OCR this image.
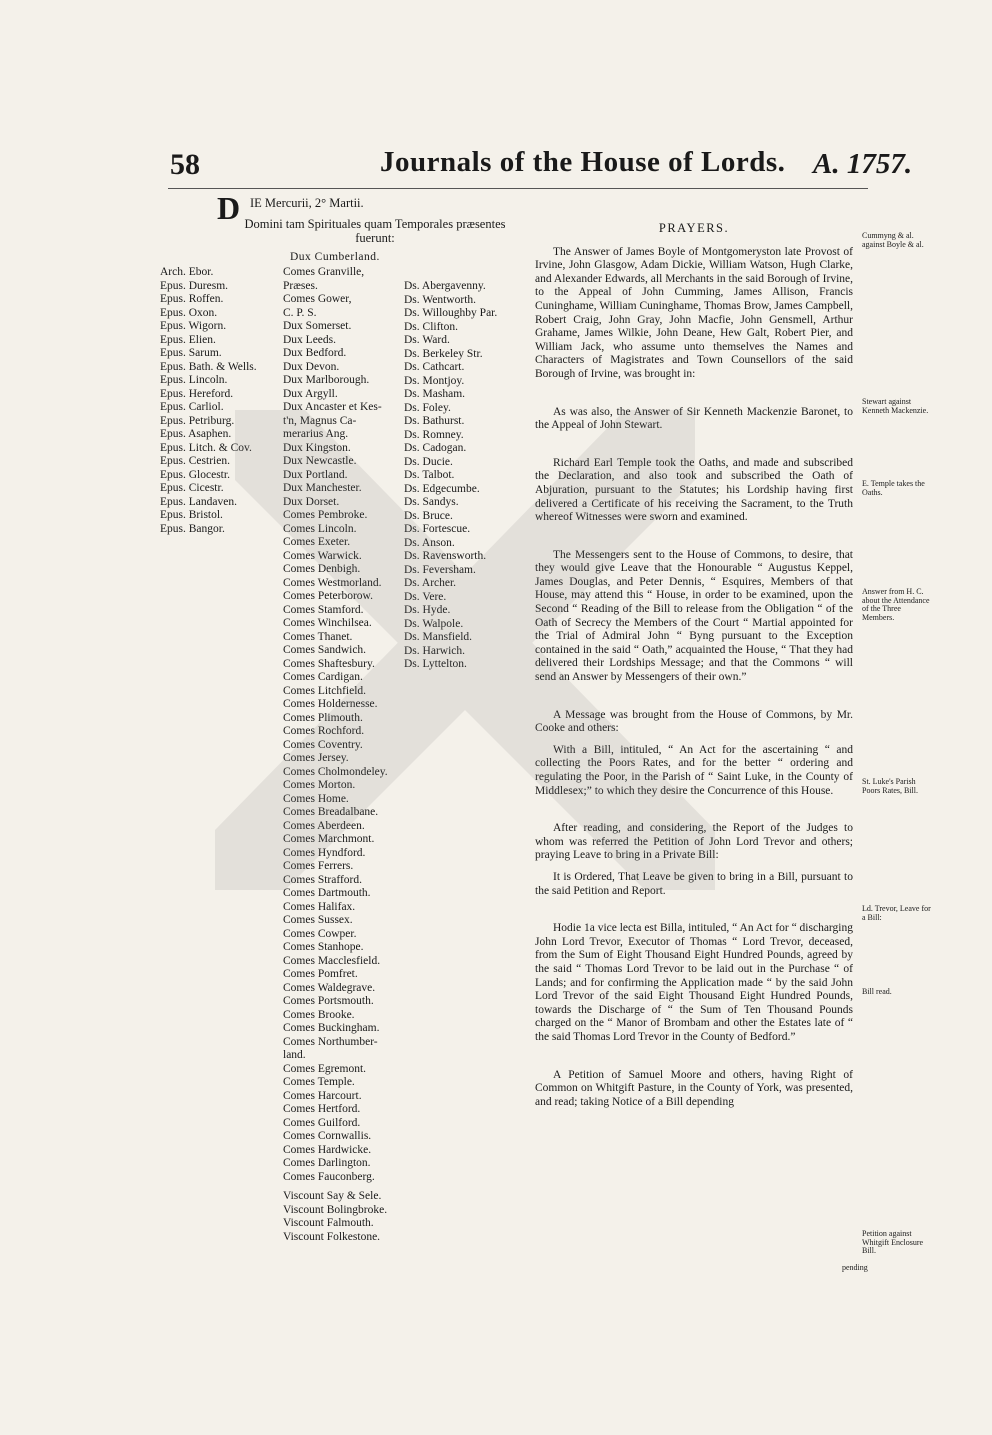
58	Journals of the House of Lords. A. 1757.
D IE Mercurii, 2° Martii.
Domini tam Spirituales quam Temporales præsentes fuerunt:
Dux Cumberland.
Arch. Ebor.
Epus. Duresm.
Epus. Roffen.
Epus. Oxon.
Epus. Wigorn.
Epus. Elien.
Epus. Sarum.
Epus. Bath. & Wells.
Epus. Lincoln.
Epus. Hereford.
Epus. Carliol.
Epus. Petriburg.
Epus. Asaphen.
Epus. Litch. & Cov.
Epus. Cestrien.
Epus. Glocestr.
Epus. Cicestr.
Epus. Landaven.
Epus. Bristol.
Epus. Bangor.
Comes Granville,
Præses.
Comes Gower,
C. P. S.
Dux Somerset.
Dux Leeds.
Dux Bedford.
Dux Devon.
Dux Marlborough.
Dux Argyll.
Dux Ancaster et Kes-
t'n, Magnus Ca-
merarius Ang.
Dux Kingston.
Dux Newcastle.
Dux Portland.
Dux Manchester.
Dux Dorset.
Comes Pembroke.
Comes Lincoln.
Comes Exeter.
Comes Warwick.
Comes Denbigh.
Comes Westmorland.
Comes Peterborow.
Comes Stamford.
Comes Winchilsea.
Comes Thanet.
Comes Sandwich.
Comes Shaftesbury.
Comes Cardigan.
Comes Litchfield.
Comes Holdernesse.
Comes Plimouth.
Comes Rochford.
Comes Coventry.
Comes Jersey.
Comes Cholmondeley.
Comes Morton.
Comes Home.
Comes Breadalbane.
Comes Aberdeen.
Comes Marchmont.
Comes Hyndford.
Comes Ferrers.
Comes Strafford.
Comes Dartmouth.
Comes Halifax.
Comes Sussex.
Comes Cowper.
Comes Stanhope.
Comes Macclesfield.
Comes Pomfret.
Comes Waldegrave.
Comes Portsmouth.
Comes Brooke.
Comes Buckingham.
Comes Northumber-
land.
Comes Egremont.
Comes Temple.
Comes Harcourt.
Comes Hertford.
Comes Guilford.
Comes Cornwallis.
Comes Hardwicke.
Comes Darlington.
Comes Fauconberg.
Viscount Say & Sele.
Viscount Bolingbroke.
Viscount Falmouth.
Viscount Folkestone.
Ds. Abergavenny.
Ds. Wentworth.
Ds. Willoughby Par.
Ds. Clifton.
Ds. Ward.
Ds. Berkeley Str.
Ds. Cathcart.
Ds. Montjoy.
Ds. Masham.
Ds. Foley.
Ds. Bathurst.
Ds. Romney.
Ds. Cadogan.
Ds. Ducie.
Ds. Talbot.
Ds. Edgecumbe.
Ds. Sandys.
Ds. Bruce.
Ds. Fortescue.
Ds. Anson.
Ds. Ravensworth.
Ds. Feversham.
Ds. Archer.
Ds. Vere.
Ds. Hyde.
Ds. Walpole.
Ds. Mansfield.
Ds. Harwich.
Ds. Lyttelton.
PRAYERS.

The Answer of James Boyle of Montgomeryston late Provost of Irvine, John Glasgow, Adam Dickie, William Watson, Hugh Clarke, and Alexander Edwards, all Merchants in the said Borough of Irvine, to the Appeal of John Cumming, James Allison, Francis Cuninghame, William Cuninghame, Thomas Brow, James Campbell, Robert Craig, John Gray, John Macfie, John Gensmell, Arthur Grahame, James Wilkie, John Deane, Hew Galt, Robert Pier, and William Jack, who assume unto themselves the Names and Characters of Magistrates and Town Counsellors of the said Borough of Irvine, was brought in:

As was also, the Answer of Sir Kenneth Mackenzie Baronet, to the Appeal of John Stewart.

Richard Earl Temple took the Oaths, and made and subscribed the Declaration, and also took and subscribed the Oath of Abjuration, pursuant to the Statutes; his Lordship having first delivered a Certificate of his receiving the Sacrament, to the Truth whereof Witnesses were sworn and examined.

The Messengers sent to the House of Commons, to desire, that they would give Leave that the Honourable “ Augustus Keppel, James Douglas, and Peter Dennis, “ Esquires, Members of that House, may attend this “ House, in order to be examined, upon the Second “ Reading of the Bill to release from the Obligation “ of the Oath of Secrecy the Members of the Court “ Martial appointed for the Trial of Admiral John “ Byng pursuant to the Exception contained in the said “ Oath,” acquainted the House, “ That they had delivered their Lordships Message; and that the Commons “ will send an Answer by Messengers of their own.”

A Message was brought from the House of Commons, by Mr. Cooke and others:

With a Bill, intituled, “ An Act for the ascertaining “ and collecting the Poors Rates, and for the better “ ordering and regulating the Poor, in the Parish of “ Saint Luke, in the County of Middlesex;” to which they desire the Concurrence of this House.

After reading, and considering, the Report of the Judges to whom was referred the Petition of John Lord Trevor and others; praying Leave to bring in a Private Bill:

It is Ordered, That Leave be given to bring in a Bill, pursuant to the said Petition and Report.

Hodie 1a vice lecta est Billa, intituled, “ An Act for “ discharging John Lord Trevor, Executor of Thomas “ Lord Trevor, deceased, from the Sum of Eight Thousand Eight Hundred Pounds, agreed by the said “ Thomas Lord Trevor to be laid out in the Purchase “ of Lands; and for confirming the Application made “ by the said John Lord Trevor of the said Eight Thousand Eight Hundred Pounds, towards the Discharge of “ the Sum of Ten Thousand Pounds charged on the “ Manor of Brombam and other the Estates late of “ the said Thomas Lord Trevor in the County of Bedford.”

A Petition of Samuel Moore and others, having Right of Common on Whitgift Pasture, in the County of York, was presented, and read; taking Notice of a Bill depending

Cummyng & al. against Boyle & al.
Stewart against Kenneth Mackenzie.
E. Temple takes the Oaths.
Answer from H. C. about the Attendance of the Three Members.
St. Luke's Parish Poors Rates, Bill.
Ld. Trevor, Leave for a Bill:
Bill read.
Petition against Whitgift Enclosure Bill.
pending
